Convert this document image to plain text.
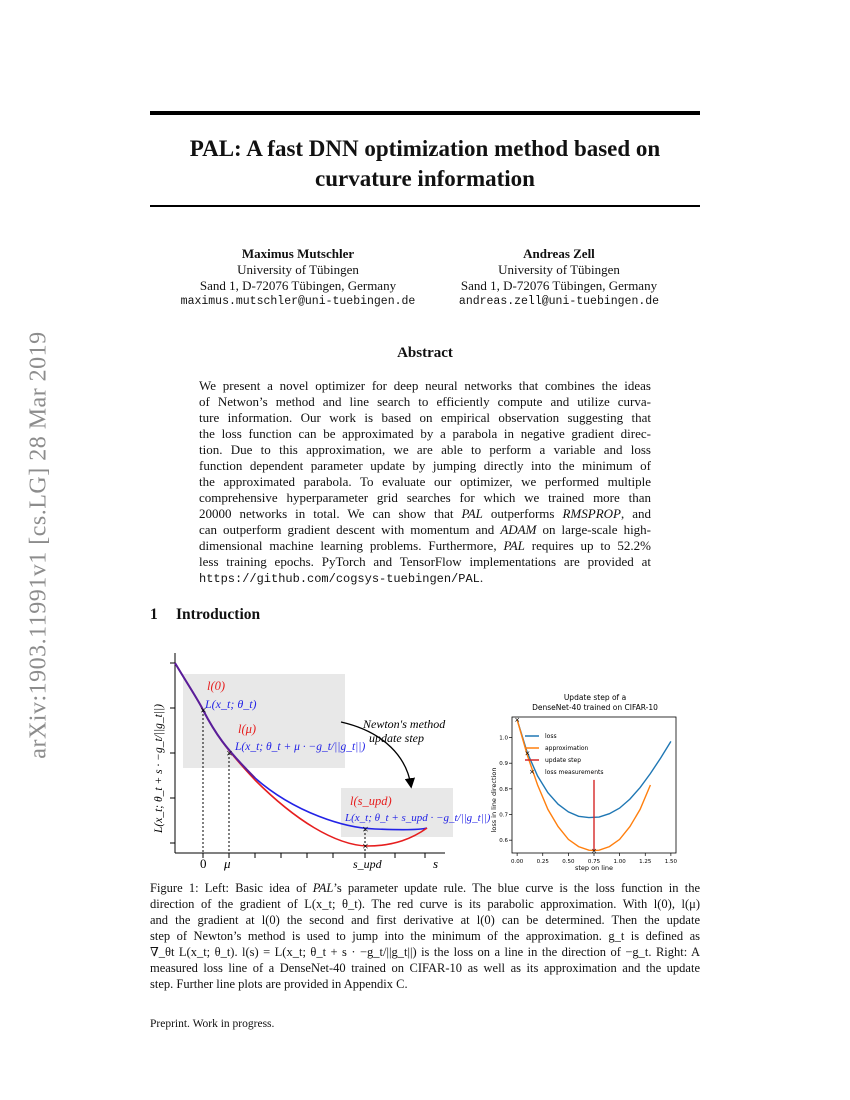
arXiv:1903.11991v1 [cs.LG] 28 Mar 2019
PAL: A fast DNN optimization method based on
curvature information
Maximus Mutschler
University of Tübingen
Sand 1, D-72076 Tübingen, Germany
maximus.mutschler@uni-tuebingen.de
Andreas Zell
University of Tübingen
Sand 1, D-72076 Tübingen, Germany
andreas.zell@uni-tuebingen.de
Abstract
We present a novel optimizer for deep neural networks that combines the ideas
of Netwon’s method and line search to efficiently compute and utilize curva-
ture information. Our work is based on empirical observation suggesting that
the loss function can be approximated by a parabola in negative gradient direc-
tion. Due to this approximation, we are able to perform a variable and loss
function dependent parameter update by jumping directly into the minimum of
the approximated parabola. To evaluate our optimizer, we performed multiple
comprehensive hyperparameter grid searches for which we trained more than
20000 networks in total. We can show that PAL outperforms RMSPROP, and
can outperform gradient descent with momentum and ADAM on large-scale high-
dimensional machine learning problems. Furthermore, PAL requires up to 52.2%
less training epochs. PyTorch and TensorFlow implementations are provided at
https://github.com/cogsys-tuebingen/PAL.
1 Introduction
×
×
×
×
Newton's method
update step
l(0)
L(x_t; θ_t)
l(μ)
L(x_t; θ_t + μ · −g_t/||g_t||)
l(s_upd)
L(x_t; θ_t + s_upd · −g_t/||g_t||)
0 μ	s_upd	s
L(x_t; θ_t + s · −g_t/||g_t||)
Update step of a
DenseNet-40 trained on CIFAR-10
0.00 0.25 0.50 0.75 1.00 1.25 1.50
0.6
0.7
0.8
0.9
1.0
×
×
×
loss
approximation
update step
× loss measurements
step on line
loss in line direction
Figure 1: Left: Basic idea of PAL’s parameter update rule. The blue curve is the loss function in the
direction of the gradient of L(x_t; θ_t). The red curve is its parabolic approximation. With l(0), l(μ)
and the gradient at l(0) the second and first derivative at l(0) can be determined. Then the update
step of Newton’s method is used to jump into the minimum of the approximation. g_t is defined as
∇_θt L(x_t; θ_t). l(s) = L(x_t; θ_t + s · −g_t/||g_t||) is the loss on a line in the direction of −g_t. Right: A
measured loss line of a DenseNet-40 trained on CIFAR-10 as well as its approximation and the update
step. Further line plots are provided in Appendix C.
Preprint. Work in progress.
